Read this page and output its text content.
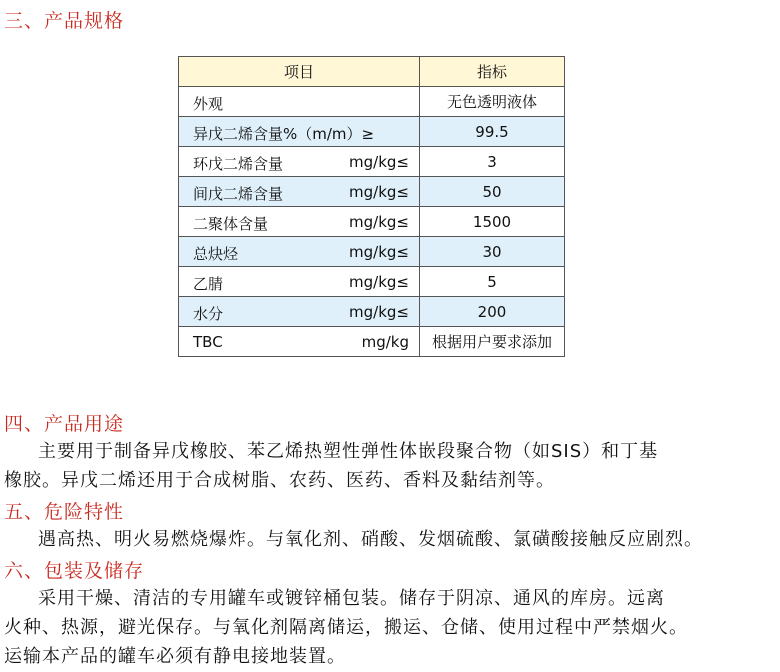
三、产品规格
项目	指标

外观	无色透明液体

异戊二烯含量%（m/m）≥	99.5

环戊二烯含量 mg/kg≤	3

间戊二烯含量 mg/kg≤	50

二聚体含量 mg/kg≤	1500

总炔烃 mg/kg≤	30

乙腈 mg/kg≤	5

水分 mg/kg≤	200

TBC mg/kg	根据用户要求添加
四、产品用途

主要用于制备异戊橡胶、苯乙烯热塑性弹性体嵌段聚合物（如SIS）和丁基

橡胶。异戊二烯还用于合成树脂、农药、医药、香料及黏结剂等。

五、危险特性

遇高热、明火易燃烧爆炸。与氧化剂、硝酸、发烟硫酸、氯磺酸接触反应剧烈。

六、包装及储存

采用干燥、清洁的专用罐车或镀锌桶包装。储存于阴凉、通风的库房。远离

火种、热源，避光保存。与氧化剂隔离储运，搬运、仓储、使用过程中严禁烟火。

运输本产品的罐车必须有静电接地装置。
